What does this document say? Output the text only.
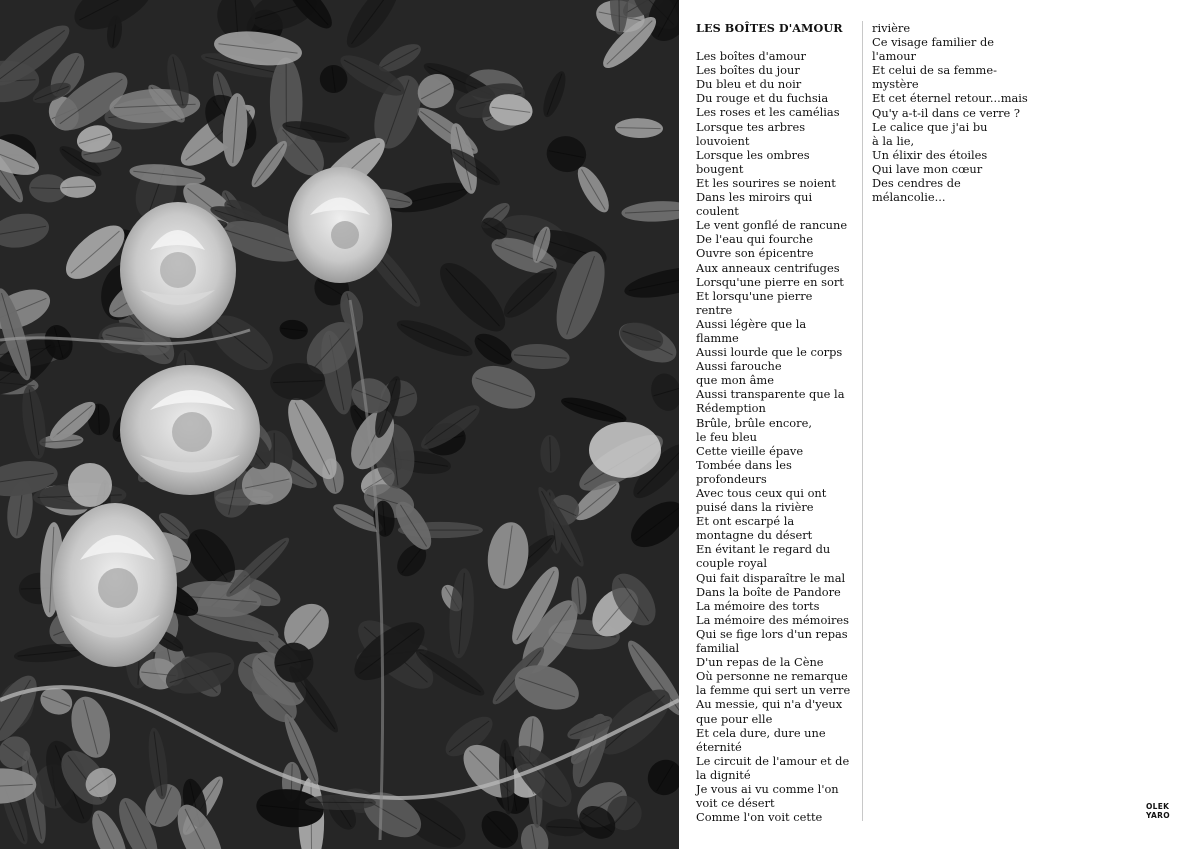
LES BOÎTES D'AMOUR
Les boîtes d'amour
Les boîtes du jour
Du bleu et du noir
Du rouge et du fuchsia
Les roses et les camélias
Lorsque tes arbres
louvoient
Lorsque les ombres
bougent
Et les sourires se noient
Dans les miroirs qui
coulent
Le vent gonflé de rancune
De l'eau qui fourche
Ouvre son épicentre
Aux anneaux centrifuges
Lorsqu'une pierre en sort
Et lorsqu'une pierre
rentre
Aussi légère que la
flamme
Aussi lourde que le corps
Aussi farouche
que mon âme
Aussi transparente que la
Rédemption
Brûle, brûle encore,
le feu bleu
Cette vieille épave
Tombée dans les
profondeurs
Avec tous ceux qui ont
puisé dans la rivière
Et ont escarpé la
montagne du désert
En évitant le regard du
couple royal
Qui fait disparaître le mal
Dans la boîte de Pandore
La mémoire des torts
La mémoire des mémoires
Qui se fige lors d'un repas
familial
D'un repas de la Cène
Où personne ne remarque
la femme qui sert un verre
Au messie, qui n'a d'yeux
que pour elle
Et cela dure, dure une
éternité
Le circuit de l'amour et de
la dignité
Je vous ai vu comme l'on
voit ce désert
Comme l'on voit cette
rivière
Ce visage familier de
l'amour
Et celui de sa femme-
mystère
Et cet éternel retour...mais
Qu'y a-t-il dans ce verre ?
Le calice que j'ai bu
à la lie,
Un élixir des étoiles
Qui lave mon cœur
Des cendres de
mélancolie...
OLEK
YARO
